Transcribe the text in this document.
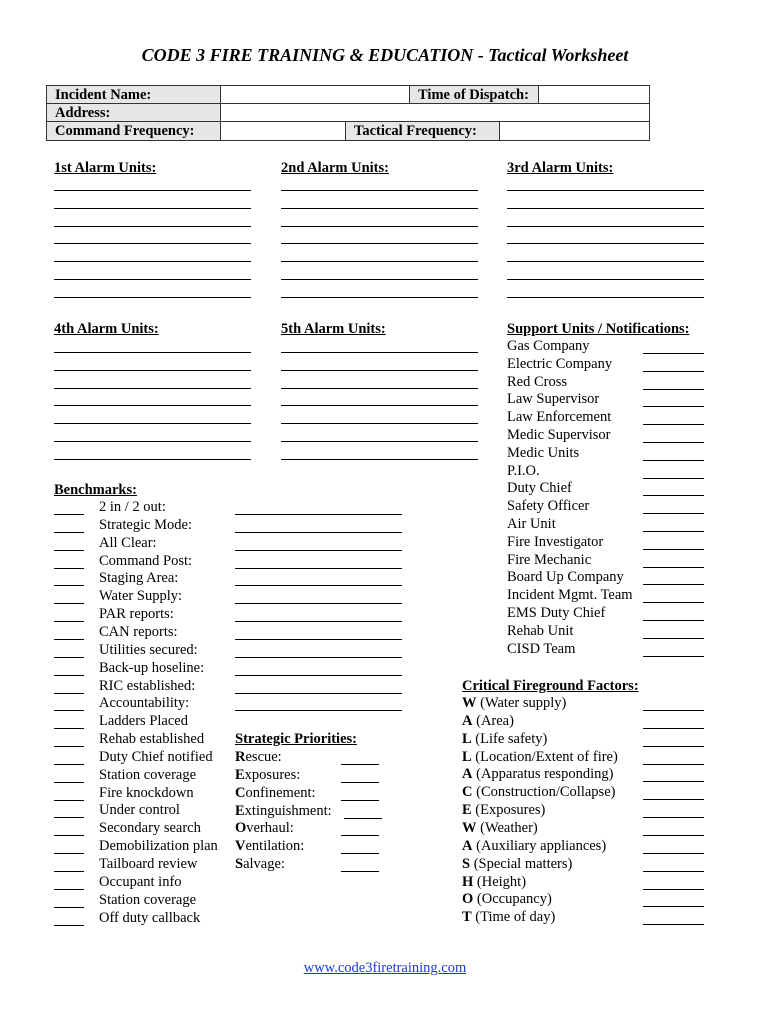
CODE 3 FIRE TRAINING & EDUCATION - Tactical Worksheet
Incident Name:	Time of Dispatch:
Address:
Command Frequency:	Tactical Frequency:
1st Alarm Units:	2nd Alarm Units:	3rd Alarm Units:
4th Alarm Units:	5th Alarm Units:	Support Units / Notifications:
Gas Company
Electric Company
Red Cross
Law Supervisor
Law Enforcement
Medic Supervisor
Medic Units
P.I.O.
Duty Chief
Safety Officer
Air Unit
Fire Investigator
Fire Mechanic
Board Up Company
Incident Mgmt. Team
EMS Duty Chief
Rehab Unit
CISD Team
Benchmarks:
2 in / 2 out:
Strategic Mode:
All Clear:
Command Post:
Staging Area:
Water Supply:
PAR reports:
CAN reports:
Utilities secured:
Back-up hoseline:
RIC established:
Accountability:
Ladders Placed
Rehab established
Duty Chief notified
Station coverage
Fire knockdown
Under control
Secondary search
Demobilization plan
Tailboard review
Occupant info
Station coverage
Off duty callback
Strategic Priorities:
Rescue:
Exposures:
Confinement:
Extinguishment:
Overhaul:
Ventilation:
Salvage:
Critical Fireground Factors:
W (Water supply)
A (Area)
L (Life safety)
L (Location/Extent of fire)
A (Apparatus responding)
C (Construction/Collapse)
E (Exposures)
W (Weather)
A (Auxiliary appliances)
S (Special matters)
H (Height)
O (Occupancy)
T (Time of day)
www.code3firetraining.com
